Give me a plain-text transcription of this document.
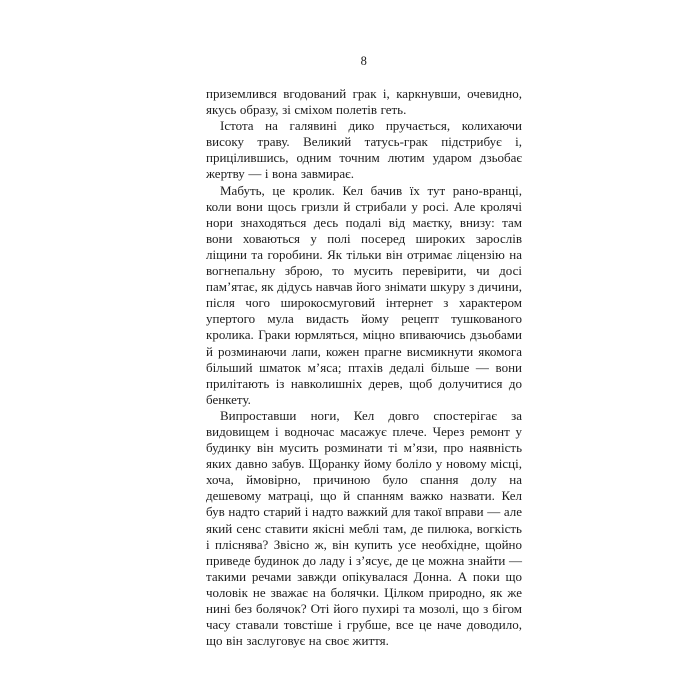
8

приземлився вгодований грак і, каркнувши, очевидно, якусь образу, зі сміхом полетів геть.

Істота на галявині дико пручається, колихаючи високу траву. Великий татусь-грак підстрибує і, прицілившись, одним точним лютим ударом дзьобає жертву — і вона завмирає.

Мабуть, це кролик. Кел бачив їх тут рано-вранці, коли вони щось гризли й стрибали у росі. Але кролячі нори знаходяться десь подалі від маєтку, внизу: там вони ховаються у полі посеред широких зарослів ліщини та горобини. Як тільки він отримає ліцензію на вогнепальну зброю, то мусить перевірити, чи досі пам’ятає, як дідусь навчав його знімати шкуру з дичини, після чого широкосмуговий інтернет з характером упертого мула видасть йому рецепт тушкованого кролика. Граки юрмляться, міцно впиваючись дзьобами й розминаючи лапи, кожен прагне висмикнути якомога більший шматок м’яса; птахів дедалі більше — вони прилітають із навколишніх дерев, щоб долучитися до бенкету.

Випроставши ноги, Кел довго спостерігає за видовищем і водночас масажує плече. Через ремонт у будинку він мусить розминати ті м’язи, про наявність яких давно забув. Щоранку йому боліло у новому місці, хоча, ймовірно, причиною було спання долу на дешевому матраці, що й спанням важко назвати. Кел був надто старий і надто важкий для такої вправи — але який сенс ставити якісні меблі там, де пилюка, вогкість і пліснява? Звісно ж, він купить усе необхідне, щойно приведе будинок до ладу і з’ясує, де це можна знайти — такими речами завжди опікувалася Донна. А поки що чоловік не зважає на болячки. Цілком природно, як же нині без болячок? Оті його пухирі та мозолі, що з бігом часу ставали товстіше і грубше, все це наче доводило, що він заслуговує на своє життя.
